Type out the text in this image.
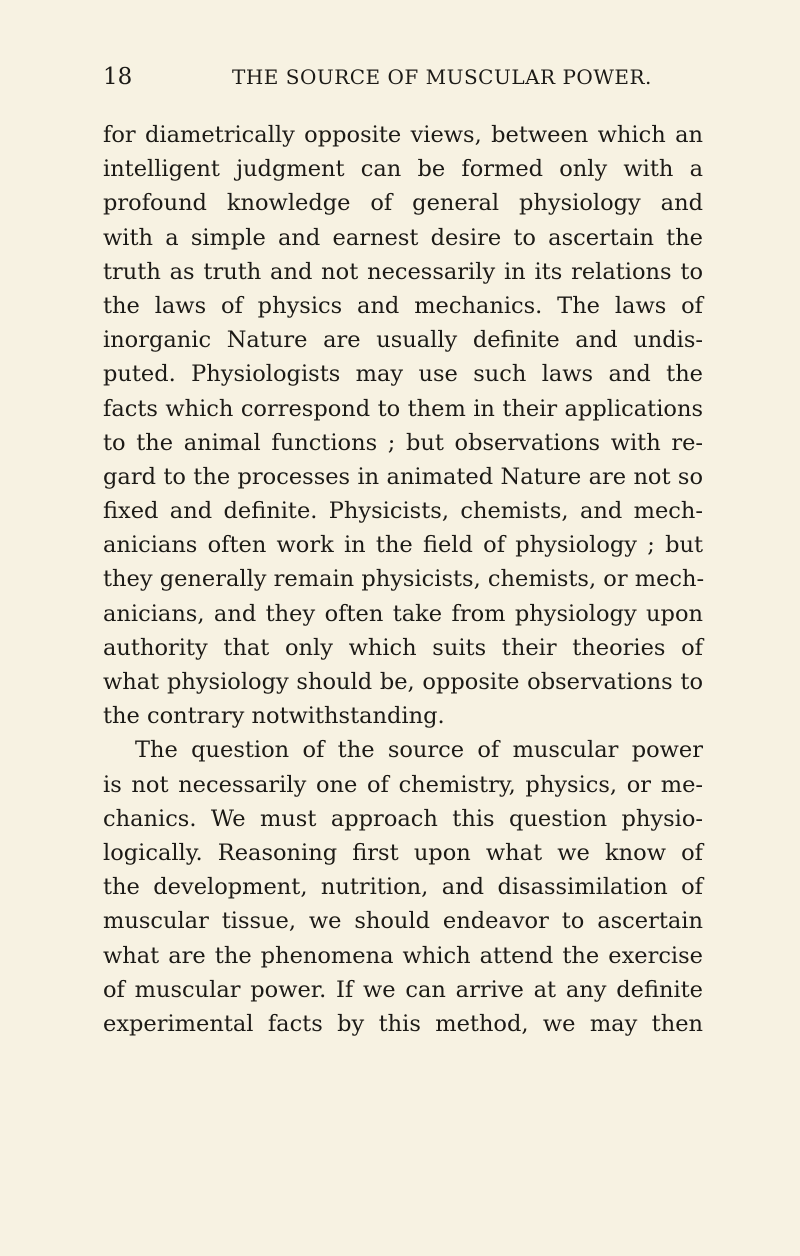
18	THE SOURCE OF MUSCULAR POWER.
for diametrically opposite views, between which an
intelligent judgment can be formed only with a
profound knowledge of general physiology and
with a simple and earnest desire to ascertain the
truth as truth and not necessarily in its relations to
the laws of physics and mechanics. The laws of
inorganic Nature are usually definite and undis-
puted. Physiologists may use such laws and the
facts which correspond to them in their applications
to the animal functions ; but observations with re-
gard to the processes in animated Nature are not so
fixed and definite. Physicists, chemists, and mech-
anicians often work in the field of physiology ; but
they generally remain physicists, chemists, or mech-
anicians, and they often take from physiology upon
authority that only which suits their theories of
what physiology should be, opposite observations to
the contrary notwithstanding.
The question of the source of muscular power
is not necessarily one of chemistry, physics, or me-
chanics. We must approach this question physio-
logically. Reasoning first upon what we know of
the development, nutrition, and disassimilation of
muscular tissue, we should endeavor to ascertain
what are the phenomena which attend the exercise
of muscular power. If we can arrive at any definite
experimental facts by this method, we may then
